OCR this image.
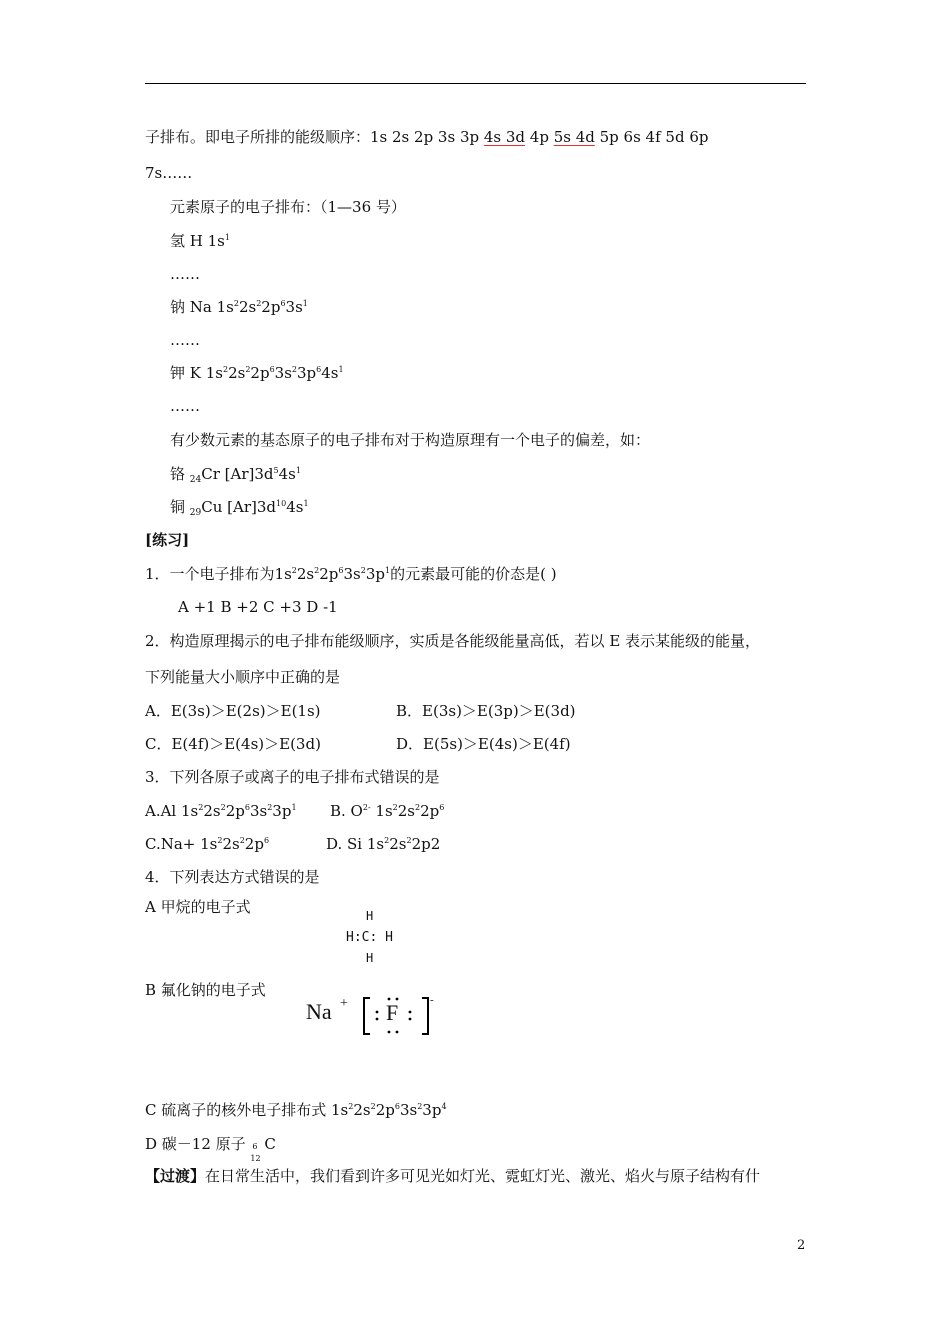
子排布。即电子所排的能级顺序：1s 2s 2p 3s 3p 4s 3d 4p 5s 4d 5p 6s 4f 5d 6p
7s……
元素原子的电子排布：（1—36 号）
氢 H $1s^1$
……
钠 Na $1s^22s^22p^63s^1$
……
钾 K $1s^22s^22p^63s^23p^64s^1$
……
有少数元素的基态原子的电子排布对于构造原理有一个电子的偏差，如：
铬 $_{24}$Cr $[Ar]3d^54s^1$
铜 $_{29}$Cu $[Ar]3d^{10}4s^1$
[练习]
1．一个电子排布为$1s^22s^22p^63s^23p^1$的元素最可能的价态是( )
A +1 B +2 C +3 D -1
2．构造原理揭示的电子排布能级顺序，实质是各能级能量高低，若以 E 表示某能级的能量，
下列能量大小顺序中正确的是
A．E(3s)＞E(2s)＞E(1s)	B．E(3s)＞E(3p)＞E(3d)
C．E(4f)＞E(4s)＞E(3d)	D．E(5s)＞E(4s)＞E(4f)
3．下列各原子或离子的电子排布式错误的是
A.Al $1s^22s^22p^63s^23p^1$ B. $O^{2-}$ $1s^22s^22p^6$
$C.Na+ 1s^22s^22p^6$	D. Si $1s^22s^22p2$
4．下列表达方式错误的是
A 甲烷的电子式	H
H:C: H
H
B 氟化钠的电子式
Na + F	-
C 硫离子的核外电子排布式 $1s^22s^22p^63s^23p^4$
D 碳－12 原子 6
12
C
【过渡】在日常生活中，我们看到许多可见光如灯光、霓虹灯光、激光、焰火与原子结构有什
2
